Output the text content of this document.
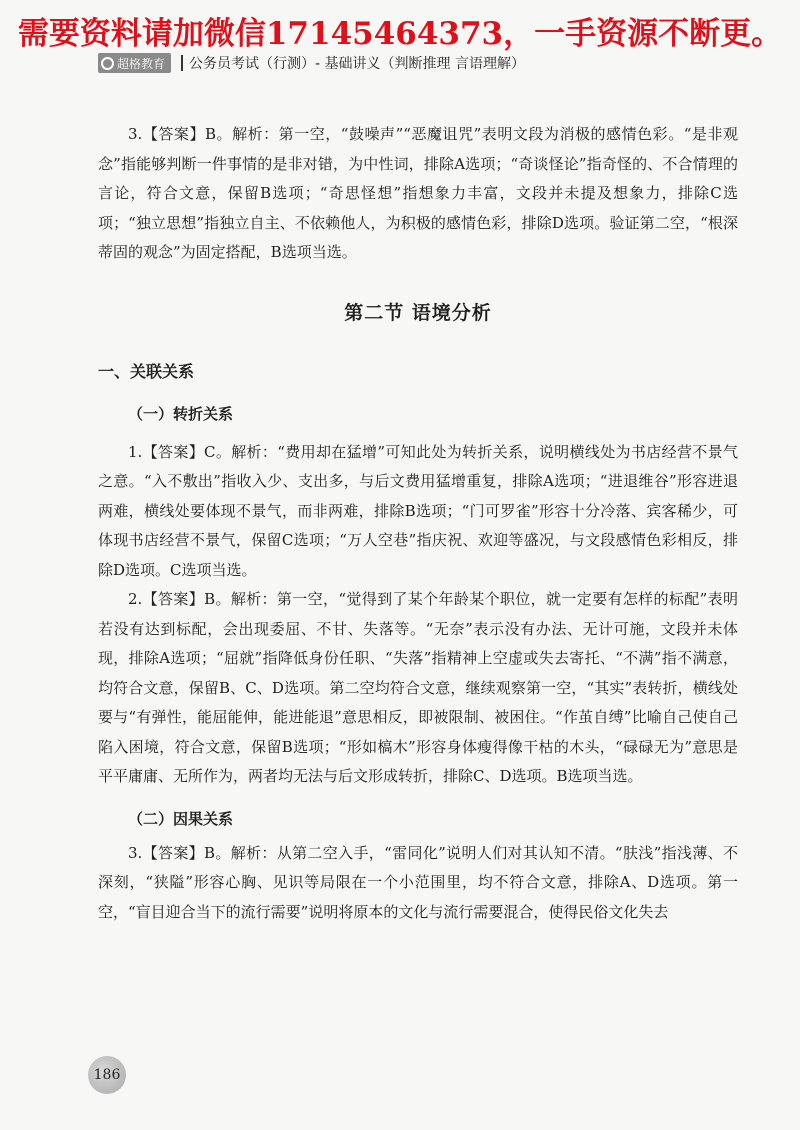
需要资料请加微信17145464373，一手资源不断更。
超格教育 公务员考试（行测）- 基础讲义（判断推理 言语理解）

3.【答案】B。解析：第一空，“鼓噪声”“恶魔诅咒”表明文段为消极的感情色彩。“是非观念”指能够判断一件事情的是非对错，为中性词，排除A选项；“奇谈怪论”指奇怪的、不合情理的言论，符合文意，保留B选项；“奇思怪想”指想象力丰富，文段并未提及想象力，排除C选项；“独立思想”指独立自主、不依赖他人，为积极的感情色彩，排除D选项。验证第二空，“根深蒂固的观念”为固定搭配，B选项当选。

第二节 语境分析
一、关联关系
（一）转折关系

1.【答案】C。解析：“费用却在猛增”可知此处为转折关系，说明横线处为书店经营不景气之意。“入不敷出”指收入少、支出多，与后文费用猛增重复，排除A选项；“进退维谷”形容进退两难，横线处要体现不景气，而非两难，排除B选项；“门可罗雀”形容十分冷落、宾客稀少，可体现书店经营不景气，保留C选项；“万人空巷”指庆祝、欢迎等盛况，与文段感情色彩相反，排除D选项。C选项当选。

2.【答案】B。解析：第一空，“觉得到了某个年龄某个职位，就一定要有怎样的标配”表明若没有达到标配，会出现委屈、不甘、失落等。“无奈”表示没有办法、无计可施，文段并未体现，排除A选项；“屈就”指降低身份任职、“失落”指精神上空虚或失去寄托、“不满”指不满意，均符合文意，保留B、C、D选项。第二空均符合文意，继续观察第一空，“其实”表转折，横线处要与“有弹性，能屈能伸，能进能退”意思相反，即被限制、被困住。“作茧自缚”比喻自己使自己陷入困境，符合文意，保留B选项；“形如槁木”形容身体瘦得像干枯的木头，“碌碌无为”意思是平平庸庸、无所作为，两者均无法与后文形成转折，排除C、D选项。B选项当选。

（二）因果关系

3.【答案】B。解析：从第二空入手，“雷同化”说明人们对其认知不清。“肤浅”指浅薄、不深刻，“狭隘”形容心胸、见识等局限在一个小范围里，均不符合文意，排除A、D选项。第一空，“盲目迎合当下的流行需要”说明将原本的文化与流行需要混合，使得民俗文化失去

186
